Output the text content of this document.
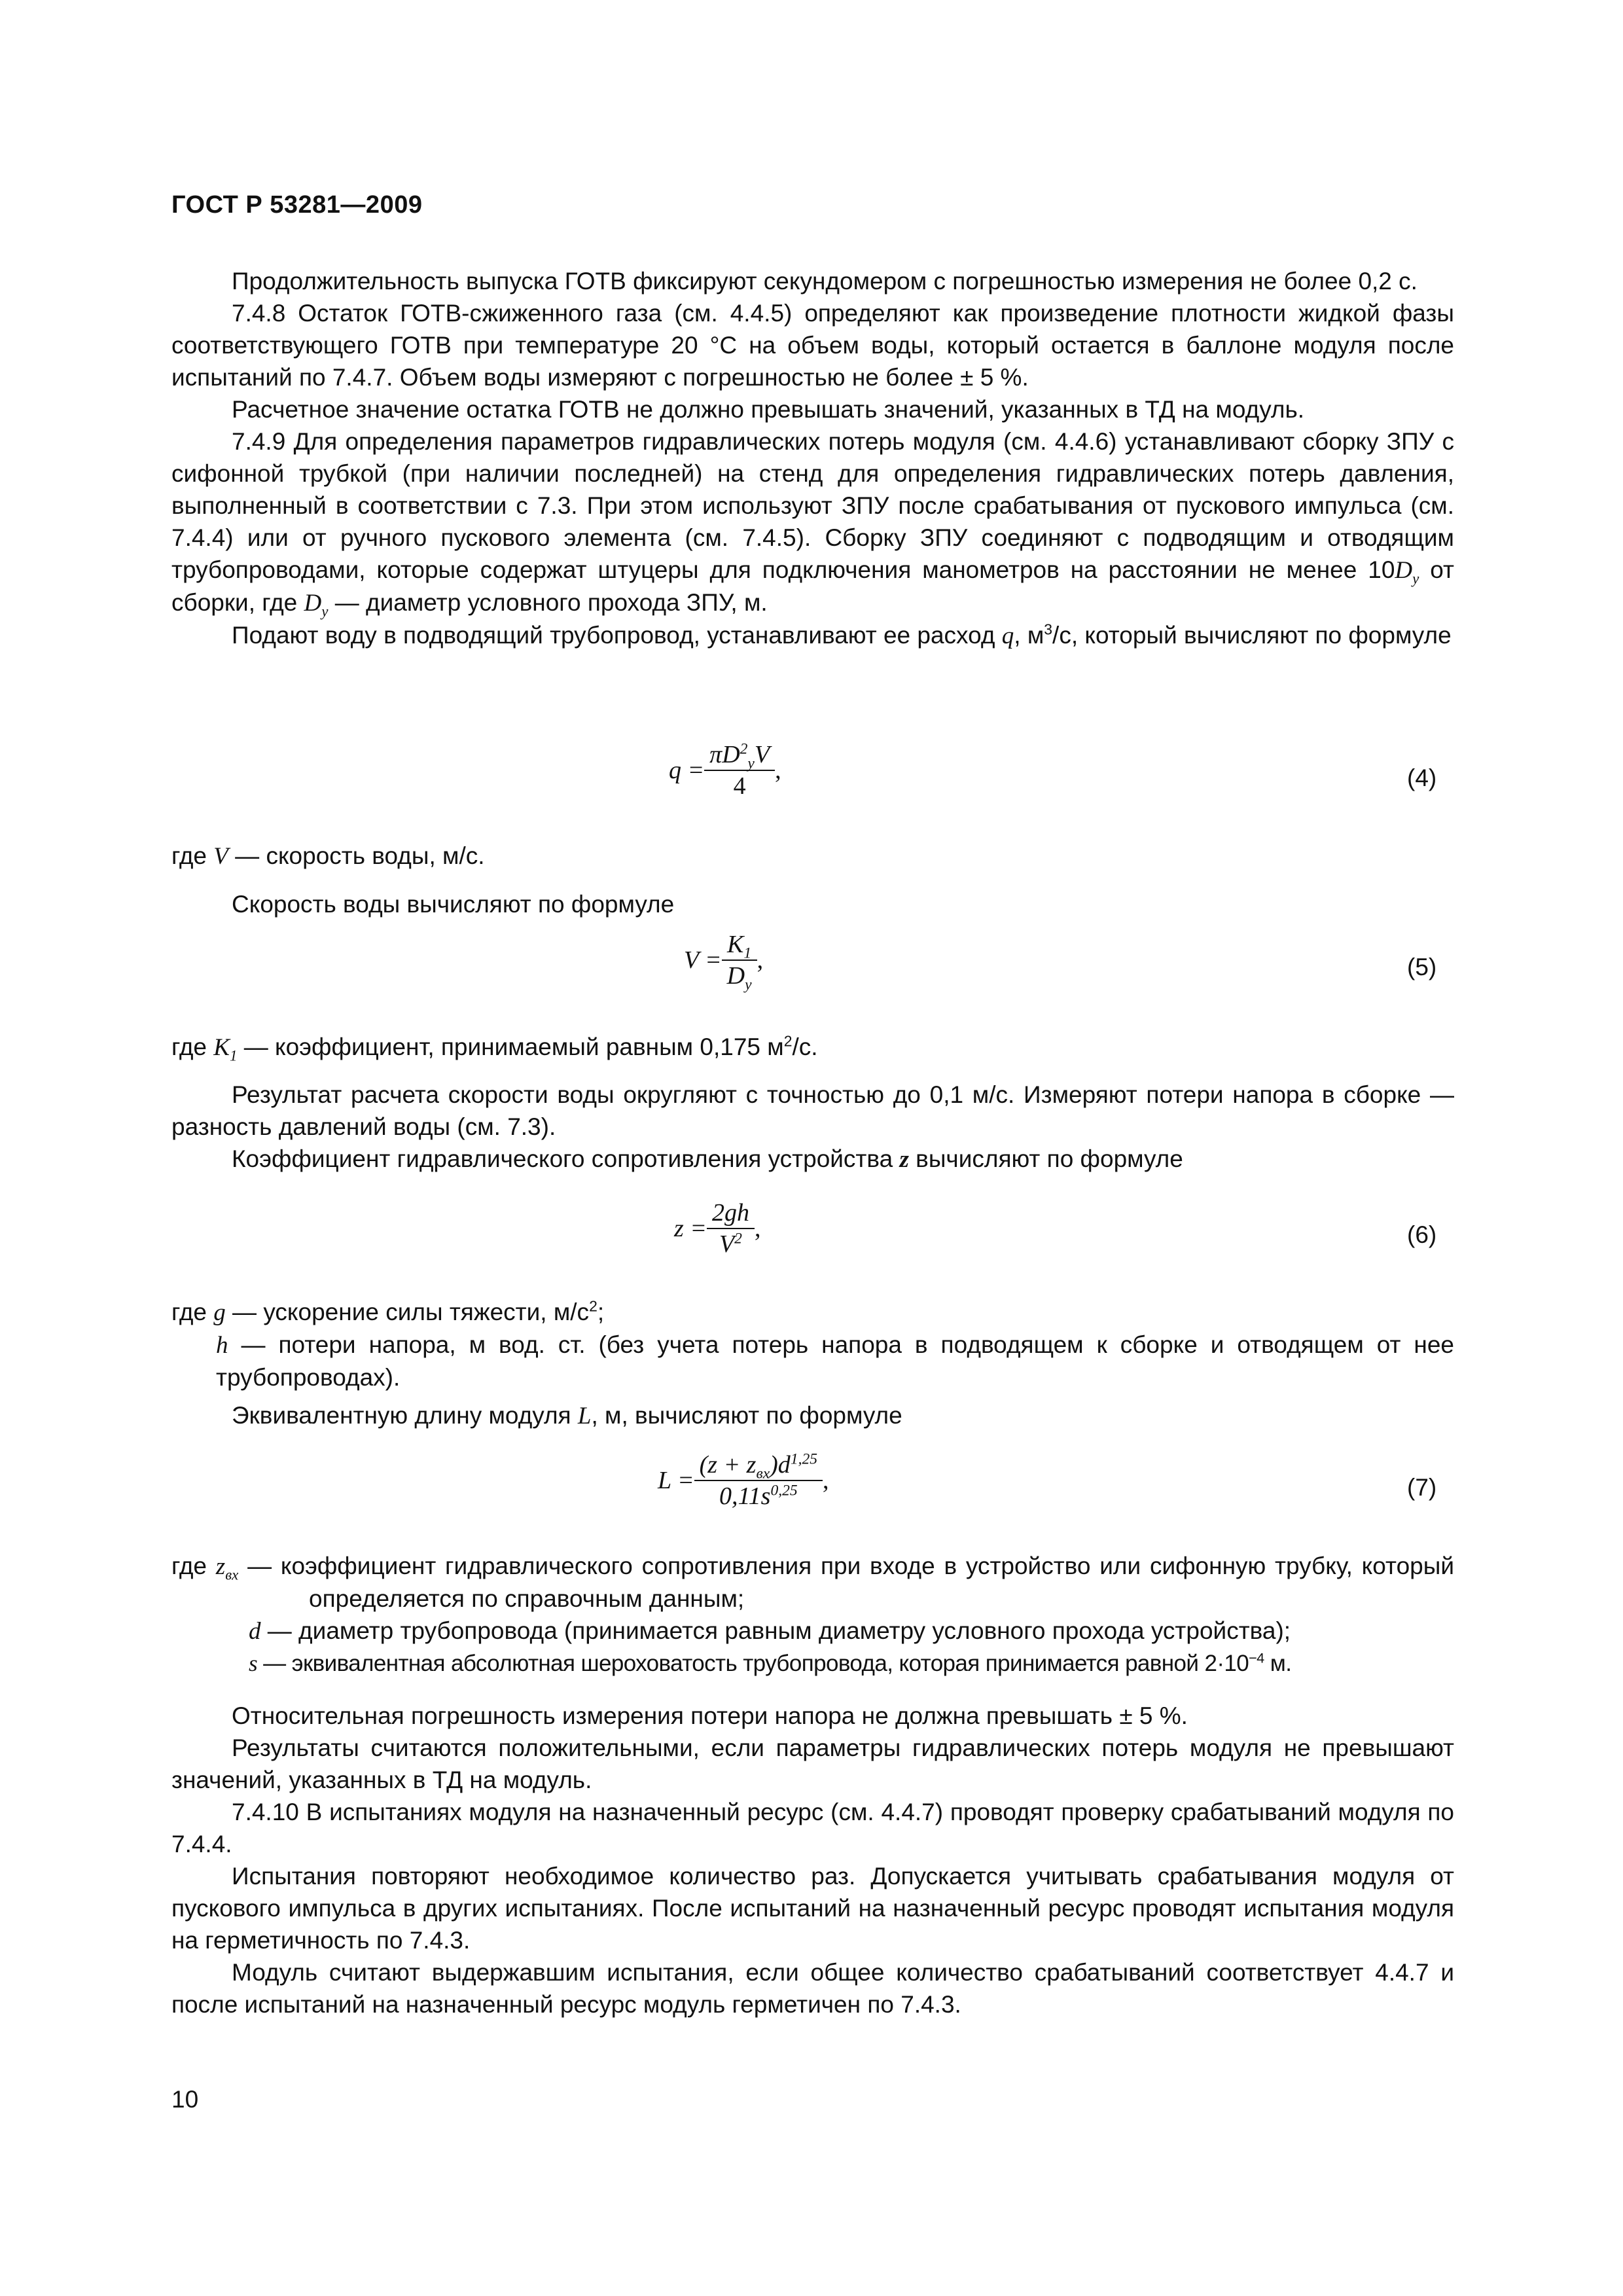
ГОСТ Р 53281—2009

Продолжительность выпуска ГОТВ фиксируют секундомером с погрешностью измерения не более 0,2 с.

7.4.8 Остаток ГОТВ-сжиженного газа (см. 4.4.5) определяют как произведение плотности жидкой фазы соответствующего ГОТВ при температуре 20 °С на объем воды, который остается в баллоне модуля после испытаний по 7.4.7. Объем воды измеряют с погрешностью не более ± 5 %.

Расчетное значение остатка ГОТВ не должно превышать значений, указанных в ТД на модуль.

7.4.9 Для определения параметров гидравлических потерь модуля (см. 4.4.6) устанавливают сборку ЗПУ с сифонной трубкой (при наличии последней) на стенд для определения гидравлических потерь давления, выполненный в соответствии с 7.3. При этом используют ЗПУ после срабатывания от пускового импульса (см. 7.4.4) или от ручного пускового элемента (см. 7.4.5). Сборку ЗПУ соединяют с подводящим и отводящим трубопроводами, которые содержат штуцеры для подключения манометров на расстоянии не менее $10D_у$ от сборки, где $D_у$ — диаметр условного прохода ЗПУ, м.

Подают воду в подводящий трубопровод, устанавливают ее расход q, $м^3/с$, который вычисляют по формуле

$q = \frac{\pi D^2_уV}{4}$ ,	(4)

где V — скорость воды, м/с.

Скорость воды вычисляют по формуле

$V = \frac{K_1}{D_у}$ ,	(5)

где $K_1$ — коэффициент, принимаемый равным 0,175 $м^2/с$.

Результат расчета скорости воды округляют с точностью до 0,1 м/с. Измеряют потери напора в сборке — разность давлений воды (см. 7.3).

Коэффициент гидравлического сопротивления устройства z вычисляют по формуле

$z = \frac{2gh}{V^2}$ ,	(6)

где g — ускорение силы тяжести, $м/с^2$;

h — потери напора, м вод. ст. (без учета потерь напора в подводящем к сборке и отводящем от нее трубопроводах).

Эквивалентную длину модуля L, м, вычисляют по формуле

$L = \frac{(z + z_{вх})d^{1,25}}{0,11s^{0,25}}$ ,	(7)

где $z_{вх}$ — коэффициент гидравлического сопротивления при входе в устройство или сифонную трубку, который определяется по справочным данным;

d — диаметр трубопровода (принимается равным диаметру условного прохода устройства);

s — эквивалентная абсолютная шероховатость трубопровода, которая принимается равной $2\cdot 10^{-4}$ м.

Относительная погрешность измерения потери напора не должна превышать ± 5 %.

Результаты считаются положительными, если параметры гидравлических потерь модуля не превышают значений, указанных в ТД на модуль.

7.4.10 В испытаниях модуля на назначенный ресурс (см. 4.4.7) проводят проверку срабатываний модуля по 7.4.4.

Испытания повторяют необходимое количество раз. Допускается учитывать срабатывания модуля от пускового импульса в других испытаниях. После испытаний на назначенный ресурс проводят испытания модуля на герметичность по 7.4.3.

Модуль считают выдержавшим испытания, если общее количество срабатываний соответствует 4.4.7 и после испытаний на назначенный ресурс модуль герметичен по 7.4.3.

10
